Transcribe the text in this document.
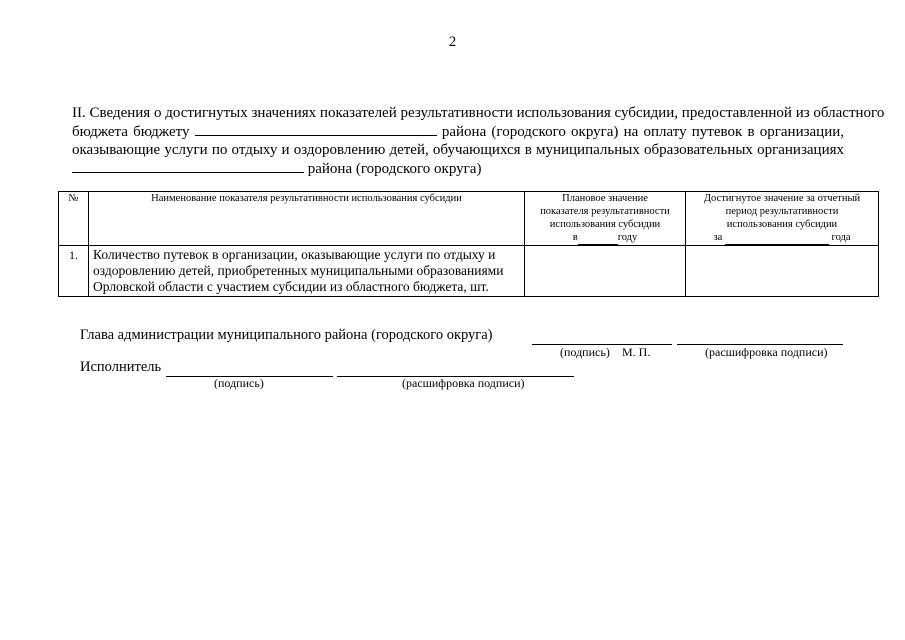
2
II. Сведения о достигнутых значениях показателей результативности использования субсидии, предоставленной из областного
бюджета бюджету	района (городского округа) на оплату путевок в организации,
оказывающие услуги по отдыху и оздоровлению детей, обучающихся в муниципальных образовательных организациях
района (городского округа)
№	Наименование показателя результативности использования субсидии	Плановое значение
показателя результативности
использования субсидии
в году	Достигнутое значение за отчетный
период результативности
использования субсидии
за года

1.	Количество путевок в организации, оказывающие услуги по отдыху и
оздоровлению детей, приобретенных муниципальными образованиями
Орловской области с участием субсидии из областного бюджета, шт.		

Глава администрации муниципального района (городского округа)
(подпись) М. П.	(расшифровка подписи)
Исполнитель
(подпись)	(расшифровка подписи)
